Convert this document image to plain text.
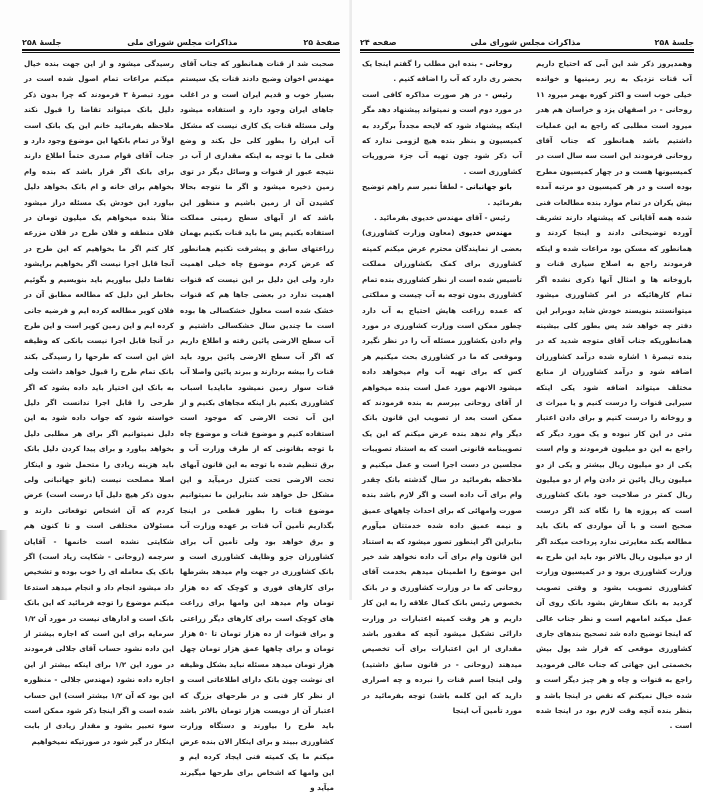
صفحهٔ ۲۵
مذاکرات مجلس شورای ملی
جلسهٔ ۲۵۸

صحبت شد از قنات همانطور که جناب آقای مهندس اخوان وضیح دادند قنات یک سیستم بسیار خوب و قدیم ایران است و در اغلب جاهای ایران وجود دارد و استفاده میشود ولی مسئله قنات یک کاری نیست که مشکل آب ایران را بطور کلی حل بکند و وضع فعلی ما با توجه به اینکه مقداری از آب در نتیجه عبور از قنوات و وسائل دیگر در توی زمین ذخیره میشود و اگر ما نتوجه بحالا کشیدن آن از زمین باشیم و منظور این باشد که از آبهای سطح زمینی مملکت استفاده بکنیم پس ما باید قنات بکنیم بهمان زراعتهای سابق و پیشرفت نکنیم همانطور که عرض کردم موضوع چاه خیلی اهمیت دارد ولی این دلیل بر این نیست که قنوات اهمیت ندارد در بعضی جاها هم که قنوات خشک شده است معلول خشکسالی ها بوده است ما چندین سال خشکسالی داشتیم و آب سطح الارضی پائین رفته و اطلاع داریم که اگر آب سطح الارضی پائین برود باید قنات را بیشه بردارند و ببرند پائین واصلا آب قنات سوار زمین نمیشود مابایدبا اسباب کشاورزی بکنیم باز اینکه مجاهای بکنیم و از این آب تحت الارضی که موجود است استفاده کنیم و موضوع قنات و موضوع چاه با توجه بقانونی که از طرف وزارت آب و برق تنظیم شده با توجه به این قانون آبهای تحت الارضی تحت کنترل درمیآید و این مشکل حل خواهد شد بنابراین ما نمیتوانیم موضوع قنات را بطور قطعی در اینجا بگذاریم تأمین آب قنات بر عهده وزارت آب و برق خواهد بود ولی تأمین آب برای کشاورزان جزو وظایف کشاورزی است و بانک کشاورزی در جهت وام میدهد بشرطها برای کارهای فوری و کوچک که ده هزار تومان وام میدهد این وامها برای زراعت های کوچک است برای کارهای دیگر زراعتی و برای قنوات از ده هزار تومان تا ۵۰ هزار تومان و برای چاهها عمق هزار تومان چهل هزار تومان میدهد مسئله نباید بشکل وظیفه ای نوشت چون بانک دارای اطلاعاتی است و از نظر کار فنی و در طرحهای بزرگ که اعتبار آن از دویست هزار تومان بالاتر باشد باید طرح را بیاورند و دستگاه وزارت کشاورزی ببیند و برای اینکار الان بنده عرض میکنم ما یک کمیته فنی ایجاد کرده ایم و این وامها که اشخاص برای طرحها میگیرند میآید و

رسیدگی میشود و از این جهت بنده خیال میکنم مراعات تمام اصول شده است در مورد تبصرهٔ ۳ فرمودند که چرا بدون ذکر دلیل بانک میتواند تقاضا را قبول نکند ملاحظه بفرمائید خانم این یک بانک است اولاً در تمام بانکها این موضوع وجود دارد و جناب آقای قوام صدری حتماً اطلاع دارند برای بانک اگر قرار باشد که بنده وام بخواهم برای خانه و ام بانک بخواهد دلیل بیاورد این خودش یک مسئله دراز میشود مثلاً بنده میخواهم یک میلیون تومان در فلان منطقه و فلان طرح در فلان مزرعه کار کنم اگر ما بخواهیم که این طرح در آنجا قابل اجرا نیست اگر بخواهیم برایشود تقاضا دلیل بیاوریم باید بنویسیم و بگوئیم بخاطر این دلیل که مطالعه مطابق آن در فلان کویر مطالعه کرده ایم و فرضیه جانی کرده ایم و این زمین کویر است و این طرح در آنجا قابل اجرا نیست بانکی که وظیفه اش این است که طرحها را رسیدگی بکند بانک تمام طرح را قبول خواهد داشت ولی به بانک این اختیار باید داده بشود که اگر طرحی را قابل اجرا ندانست اگر دلیل خواسته شود که جواب داده شود به این دلیل نمیتوانیم اگر برای هر مطلبی دلیل بخواهد بیاورد و برای پیدا کردن دلیل بانک باید هزینه زیادی را متحمل شود و اینکار اصلا مصلحت نیست (بانو جهانبانی ولی بدون ذکر هیچ دلیل آیا درست است) عرض کردم که آن اشخاص توقعاتی دارند و مسئولان مختلفی است و تا کنون هم شکایتی نشده است خانمها - آقایان سرجمه (روحانی - شکایت زیاد است) اگر بانک یک معامله ای را خوب بوده و تشخیص داد میشود انجام داد و انجام میدهد استدعا میکنم موضوع را توجه فرمائید که این بانک بانک است و ادارهای نیست در مورد آن ۱/۲ سرمایه برای این است که اجازه بیشتر از این داده نشود حساب آقای جلالی فرمودند در مورد این ۱/۲ برای اینکه بیشتر از این اجازه داده نشود (مهندس جلالی - منظوره این بود که آن ۱/۲ بیشتر است) این حساب شده است و اگر اینجا ذکر شود ممکن است سوء تعبیر بشود و مقدار زیادی از بابت اینکار در گیر شود در صورتیکه نمیخواهیم

جلسهٔ ۲۵۸
مذاکرات مجلس شورای ملی
صفحه ۲۴

وهمدیروز ذکر شد این آبی که احتیاج داریم آب قنات نزدیک به زیر زمینیها و خوانده خیلی خوب است و اکثر کوره بهمر میرود ۱۱ روحانی - در اصفهان یزد و خراسان هم هدر میرود است مطلبی که راجع به این عملیات داشتیم باشد همانطور که جناب آقای روحانی فرمودند این است سه سال است در کمیسیونها هست و در چهار کمیسیون مطرح بوده است و در هر کمیسیون دو مرتبه آمده بیش یکران در تمام موارد بنده مطالعات فنی شده همه آقایانی که پیشنهاد دارند تشریف آورده توضیحاتی دادند و اینجا کردند و همانطور که مسکن بود مراعات شده و اینکه فرمودند راجع به اصلاح سیاری قنات و باروخانه ها و امثال آنها ذکری نشده اگر تمام کارهائیکه در امر کشاورزی میشود میتوانستند بنویسند خودش شاید دوبرابر این دفتر چه خواهد شد پس بطور کلی بیشینه همانطوریکه جناب آقای متوجه شدید که در بنده تبصرهٔ ۱ اشاره شده درآمد کشاورزان اضافه شود و درآمد کشاورزان از منابع مختلف میتواند اضافه شود یکی اینکه سیرابی قنوات را درست کنیم و یا میراث ی و روخانه را درست کنیم و برای دادن اعتبار متی در این کار نبوده و یک مورد دیگر که راجع به این دو میلیون فرمودند و وام است یکی از دو میلیون ریال بیشتر و یکی از دو میلیون ریال پائین تر دادن وام از دو میلیون ریال کمتر در صلاحیت خود بانک کشاورزی است که پروژه ها را نگاه کند اگر درست صحیح است و با آن مواردی که بانک باید مطالعه بکند مغایرتی ندارد پرداخت میکند اگر از دو میلیون ریال بالاتر بود باید این طرح به وزارت کشاورزی برود و در کمیسیون وزارت کشاورزی تصویب بشود و وقتی تصویب گردید به بانک سفارش بشود بانک روی آن عمل میکند امامهم است و نظر جناب عالی که اینجا توضیح داده شد تصحیح بندهای جاری کشاورزی موقعی که قرار شد پول بیش بخصمتی این جهاتی که جناب عالی فرمودید راجع به قنوات و چاه و هر چیز دیگر است و شده خیال نمیکنم که نقص در اینجا باشد و بنظر بنده آنچه وقت لازم بود در اینجا شده است .

روحانی - بنده این مطلب را گفتم اینجا یک بحضر ری دارد که آب را اضافه کنیم .

رئیس - در هر صورت مذاکره کافی است در مورد دوم است و نمیتواند پیشنهاد دهد مگر اینکه پیشنهاد شود که لایحه مجدداً برگردد به کمیسیون و بنظر بنده هیچ لزومی ندارد که آب ذکر شود چون تهیه آب جزء ضروریات کشاورزی است .

بانو جهانبانی - لطفاً نمیر سم راهم توضیح بفرمائید .

رئیس - آقای مهندس خدیوی بفرمائید .

مهندس خدیوی (معاون وزارت کشاورزی) بعضی از نمایندگان محترم عرض میکنم کمیته کشاورزی برای کمک بکشاورزان مملکت تأسیس شده است از نظر کشاورزی بنده تمام کشاورزی بدون توجه به آب چیست و مملکتی که عمده زراعت هایش احتیاج به آب دارد چطور ممکن است وزارت کشاورزی در مورد وام دادن بکشاورز مسئله آب را در نظر نگیرد وموقعی که ما در کشاورزی بحث میکنیم هر کس که برای تهیه آب وام میخواهد داده میشود الانهم مورد عمل است بنده میخواهم از آقای روحانی بپرسم به بنده فرمودند که ممکن است بعد از تصویب این قانون بانک دیگر وام ندهد بنده عرض میکنم که این یک تصویبنامه قانونی است که به استناد تصویبات مجلسین در دست اجرا است و عمل میکنیم و ملاحظه بفرمائید در سال گذشته بانک چقدر وام برای آب داده است و اگر لازم باشد بنده صورت وامهائی که برای احداث چاههای عمیق و نیمه عمیق داده شده خدمتتان میآورم بنابراین اگر اینطور تصور میشود که به استناد این قانون وام برای آب داده نخواهد شد خیر این موضوع را اطمینان میدهم بخدمت آقای روحانی که ما در وزارت کشاورزی و در بانک بخصوص رئیس بانک کمال علاقه را به این کار داریم و هر وقت کمیته اعتبارات در وزارت دارائی تشکیل میشود آنچه که مقدور باشد مقداری از این اعتبارات برای آب تخصیص میدهند (روحانی - در قانون سابق داشتید) ولی اینجا اسم قنات را نبرده و چه اصراری دارید که این کلمه باشد) توجه بفرمائید در مورد تأمین آب اینجا
